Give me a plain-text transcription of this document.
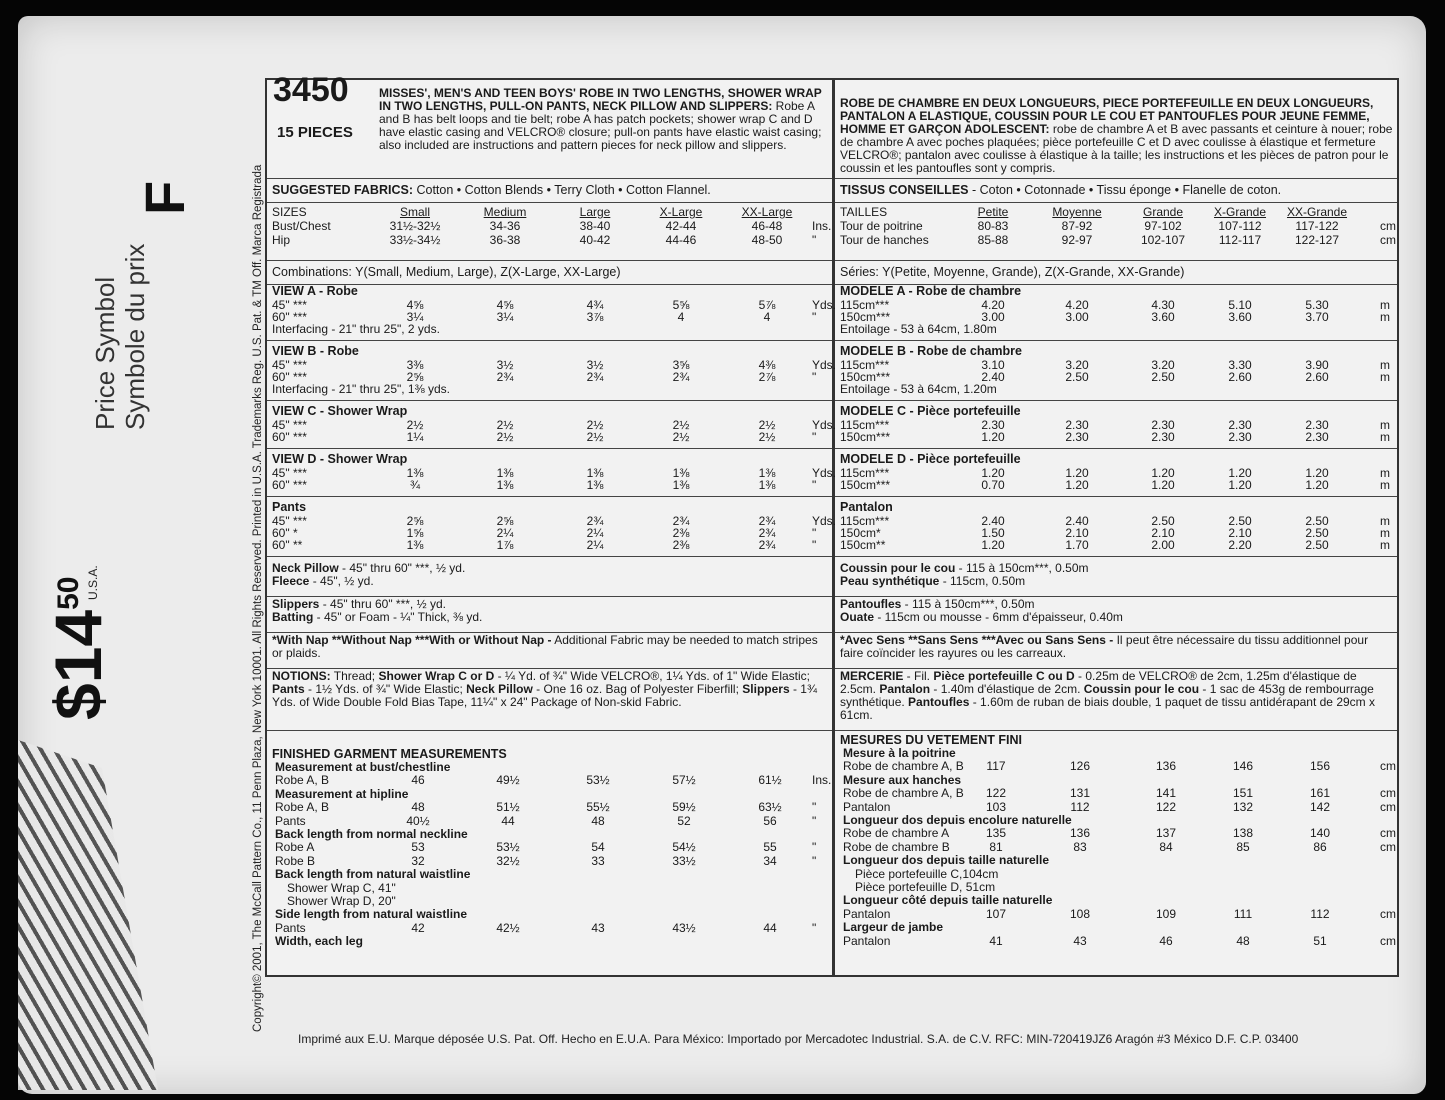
Price Symbol Symbole du prix
F
$\$14^{50}$ U.S.A.	Copyright© 2001, The McCall Pattern Co., 11 Penn Plaza, New York 10001. All Rights Reserved. Printed in U.S.A. Trademarks Reg. U.S. Pat. & TM Off. Marca Registrada
3450
15 PIECES
MISSES', MEN'S AND TEEN BOYS' ROBE IN TWO LENGTHS, SHOWER WRAP IN TWO LENGTHS, PULL-ON PANTS, NECK PILLOW AND SLIPPERS: Robe A and B has belt loops and tie belt; robe A has patch pockets; shower wrap C and D have elastic casing and VELCRO® closure; pull-on pants have elastic waist casing; also included are instructions and pattern pieces for neck pillow and slippers.
SUGGESTED FABRICS: Cotton • Cotton Blends • Terry Cloth • Cotton Flannel.
SIZES	Small	Medium	Large	X-Large	XX-Large
Bust/Chest	31½-32½	34-36	38-40	42-44	46-48	Ins.
Hip	33½-34½	36-38	40-42	44-46	48-50	"
Combinations: Y(Small, Medium, Large), Z(X-Large, XX-Large)
VIEW A - Robe
45" ***	4⅝	4⅝	4¾	5⅝	5⅞	Yds.
60" ***	3¼	3¼	3⅞	4	4	"
Interfacing - 21" thru 25", 2 yds.
VIEW B - Robe
45" ***	3⅜	3½	3½	3⅝	4⅜	Yds.
60" ***	2⅝	2¾	2¾	2¾	2⅞	"
Interfacing - 21" thru 25", 1⅜ yds.
VIEW C - Shower Wrap
45" ***	2½	2½	2½	2½	2½	Yds.
60" ***	1¼	2½	2½	2½	2½	"
VIEW D - Shower Wrap
45" ***	1⅜	1⅜	1⅜	1⅜	1⅜	Yds.
60" ***	¾	1⅜	1⅜	1⅜	1⅜	"
Pants
45" ***	2⅝	2⅝	2¾	2¾	2¾	Yds.
60" *	1⅝	2¼	2¼	2⅜	2¾	"
60" **	1⅜	1⅞	2¼	2⅜	2¾	"
Neck Pillow - 45" thru 60" ***, ½ yd.
Fleece - 45", ½ yd.
Slippers - 45" thru 60" ***, ½ yd.
Batting - 45" or Foam - ¼" Thick, ⅜ yd.
*With Nap **Without Nap ***With or Without Nap - Additional Fabric may be needed to match stripes or plaids.
NOTIONS: Thread; Shower Wrap C or D - ¼ Yd. of ¾" Wide VELCRO®, 1¼ Yds. of 1" Wide Elastic; Pants - 1½ Yds. of ¾" Wide Elastic; Neck Pillow - One 16 oz. Bag of Polyester Fiberfill; Slippers - 1¾ Yds. of Wide Double Fold Bias Tape, 11¼" x 24" Package of Non-skid Fabric.
FINISHED GARMENT MEASUREMENTS
Measurement at bust/chestline
Robe A, B	46	49½	53½	57½	61½	Ins.
Measurement at hipline
Robe A, B	48	51½	55½	59½	63½	"
Pants	40½	44	48	52	56	"
Back length from normal neckline
Robe A	53	53½	54	54½	55	"
Robe B	32	32½	33	33½	34	"
Back length from natural waistline
Shower Wrap C, 41"
Shower Wrap D, 20"
Side length from natural waistline
Pants	42	42½	43	43½	44	"
Width, each leg
ROBE DE CHAMBRE EN DEUX LONGUEURS, PIECE PORTEFEUILLE EN DEUX LONGUEURS, PANTALON A ELASTIQUE, COUSSIN POUR LE COU ET PANTOUFLES POUR JEUNE FEMME, HOMME ET GARÇON ADOLESCENT: robe de chambre A et B avec passants et ceinture à nouer; robe de chambre A avec poches plaquées; pièce portefeuille C et D avec coulisse à élastique et fermeture VELCRO®; pantalon avec coulisse à élastique à la taille; les instructions et les pièces de patron pour le coussin et les pantoufles sont y compris.
TISSUS CONSEILLES - Coton • Cotonnade • Tissu éponge • Flanelle de coton.
TAILLES	Petite	Moyenne	Grande	X-Grande	XX-Grande
Tour de poitrine	80-83	87-92	97-102	107-112	117-122	cm
Tour de hanches	85-88	92-97	102-107	112-117	122-127	cm
Séries: Y(Petite, Moyenne, Grande), Z(X-Grande, XX-Grande)
MODELE A - Robe de chambre
115cm***	4.20	4.20	4.30	5.10	5.30	m
150cm***	3.00	3.00	3.60	3.60	3.70	m
Entoilage - 53 à 64cm, 1.80m
MODELE B - Robe de chambre
115cm***	3.10	3.20	3.20	3.30	3.90	m
150cm***	2.40	2.50	2.50	2.60	2.60	m
Entoilage - 53 à 64cm, 1.20m
MODELE C - Pièce portefeuille
115cm***	2.30	2.30	2.30	2.30	2.30	m
150cm***	1.20	2.30	2.30	2.30	2.30	m
MODELE D - Pièce portefeuille
115cm***	1.20	1.20	1.20	1.20	1.20	m
150cm***	0.70	1.20	1.20	1.20	1.20	m
Pantalon
115cm***	2.40	2.40	2.50	2.50	2.50	m
150cm*	1.50	2.10	2.10	2.10	2.50	m
150cm**	1.20	1.70	2.00	2.20	2.50	m
Coussin pour le cou - 115 à 150cm***, 0.50m
Peau synthétique - 115cm, 0.50m
Pantoufles - 115 à 150cm***, 0.50m
Ouate - 115cm ou mousse - 6mm d'épaisseur, 0.40m
*Avec Sens **Sans Sens ***Avec ou Sans Sens - Il peut être nécessaire du tissu additionnel pour faire coïncider les rayures ou les carreaux.
MERCERIE - Fil. Pièce portefeuille C ou D - 0.25m de VELCRO® de 2cm, 1.25m d'élastique de 2.5cm. Pantalon - 1.40m d'élastique de 2cm. Coussin pour le cou - 1 sac de 453g de rembourrage synthétique. Pantoufles - 1.60m de ruban de biais double, 1 paquet de tissu antidérapant de 29cm x 61cm.
MESURES DU VETEMENT FINI
Mesure à la poitrine
Robe de chambre A, B	117	126	136	146	156	cm
Mesure aux hanches
Robe de chambre A, B	122	131	141	151	161	cm
Pantalon	103	112	122	132	142	cm
Longueur dos depuis encolure naturelle
Robe de chambre A	135	136	137	138	140	cm
Robe de chambre B	81	83	84	85	86	cm
Longueur dos depuis taille naturelle
Pièce portefeuille C,104cm
Pièce portefeuille D, 51cm
Longueur côté depuis taille naturelle
Pantalon	107	108	109	111	112	cm
Largeur de jambe
Pantalon	41	43	46	48	51	cm
Imprimé aux E.U. Marque déposée U.S. Pat. Off. Hecho en E.U.A. Para México: Importado por Mercadotec Industrial. S.A. de C.V. RFC: MIN-720419JZ6 Aragón #3 México D.F. C.P. 03400
